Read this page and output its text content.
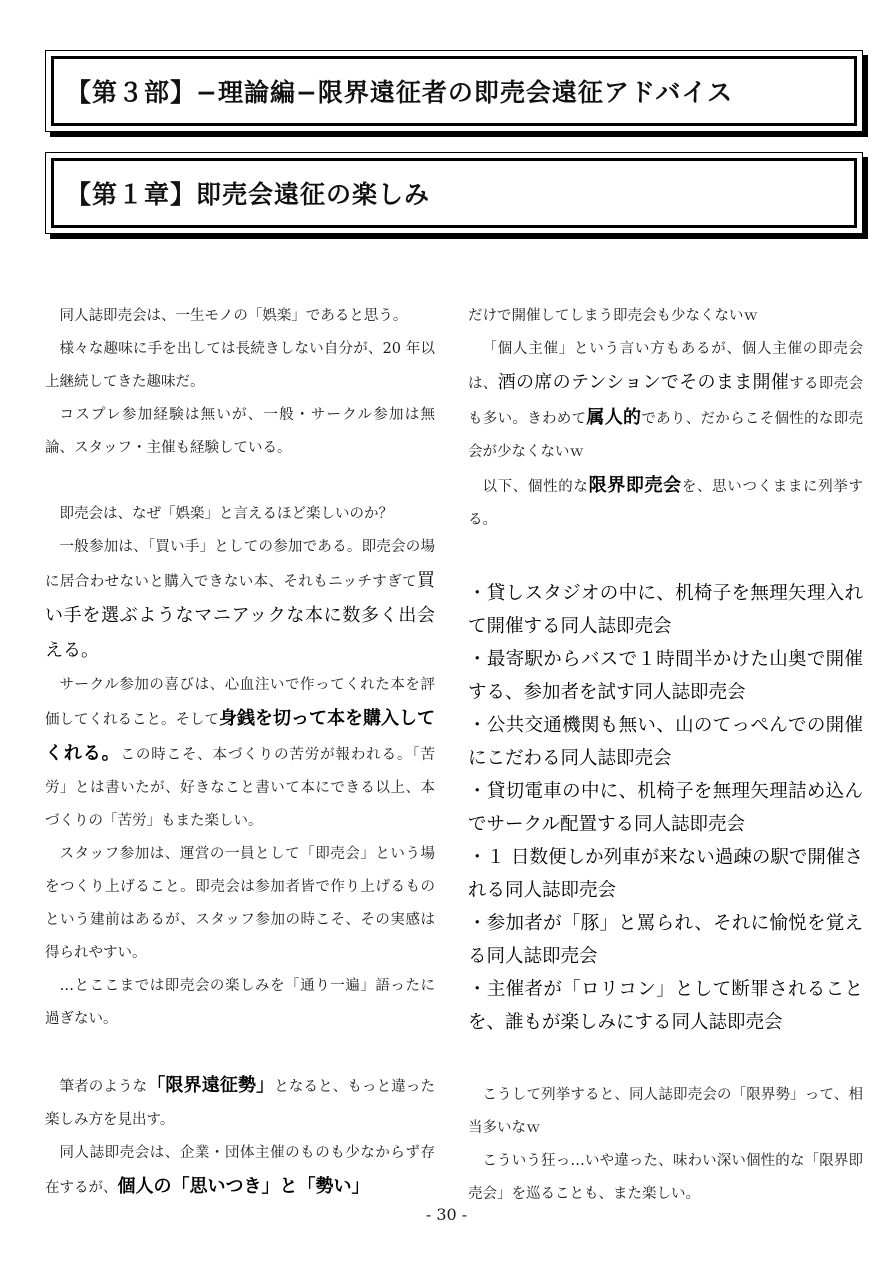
【第３部】−理論編−限界遠征者の即売会遠征アドバイス
【第１章】即売会遠征の楽しみ

同人誌即売会は、一生モノの「娯楽」であると思う。

様々な趣味に手を出しては長続きしない自分が、20 年以上継続してきた趣味だ。

コスプレ参加経験は無いが、一般・サークル参加は無論、スタッフ・主催も経験している。

即売会は、なぜ「娯楽」と言えるほど楽しいのか？

一般参加は、「買い手」としての参加である。即売会の場に居合わせないと購入できない本、それもニッチすぎて買い手を選ぶようなマニアックな本に数多く出会える。

サークル参加の喜びは、心血注いで作ってくれた本を評価してくれること。そして身銭を切って本を購入してくれる。この時こそ、本づくりの苦労が報われる。「苦労」とは書いたが、好きなこと書いて本にできる以上、本づくりの「苦労」もまた楽しい。

スタッフ参加は、運営の一員として「即売会」という場をつくり上げること。即売会は参加者皆で作り上げるものという建前はあるが、スタッフ参加の時こそ、その実感は得られやすい。

…とここまでは即売会の楽しみを「通り一遍」語ったに過ぎない。

筆者のような「限界遠征勢」となると、もっと違った楽しみ方を見出す。

同人誌即売会は、企業・団体主催のものも少なからず存在するが、個人の「思いつき」と「勢い」

だけで開催してしまう即売会も少なくないｗ

「個人主催」という言い方もあるが、個人主催の即売会は、酒の席のテンションでそのまま開催する即売会も多い。きわめて属人的であり、だからこそ個性的な即売会が少なくないｗ

以下、個性的な限界即売会を、思いつくままに列挙する。

・貸しスタジオの中に、机椅子を無理矢理入れて開催する同人誌即売会

・最寄駅からバスで１時間半かけた山奥で開催する、参加者を試す同人誌即売会

・公共交通機関も無い、山のてっぺんでの開催にこだわる同人誌即売会

・貸切電車の中に、机椅子を無理矢理詰め込んでサークル配置する同人誌即売会

・１ 日数便しか列車が来ない過疎の駅で開催される同人誌即売会

・参加者が「豚」と罵られ、それに愉悦を覚える同人誌即売会

・主催者が「ロリコン」として断罪されることを、誰もが楽しみにする同人誌即売会

こうして列挙すると、同人誌即売会の「限界勢」って、相当多いなｗ

こういう狂っ…いや違った、味わい深い個性的な「限界即売会」を巡ることも、また楽しい。

- 30 -
